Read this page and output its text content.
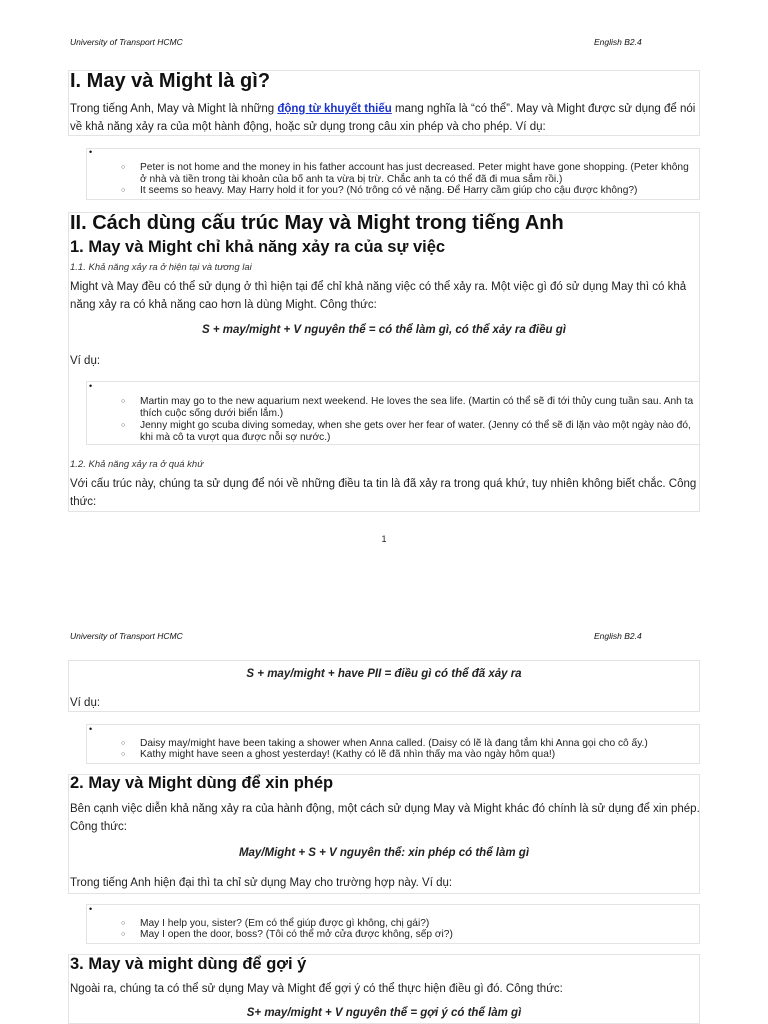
University of Transport HCMC	English B2.4
I. May và Might là gì?
Trong tiếng Anh, May và Might là những động từ khuyết thiếu mang nghĩa là “có thể”. May và Might được sử dụng để nói về khả năng xảy ra của một hành động, hoặc sử dụng trong câu xin phép và cho phép. Ví dụ:
•
○ Peter is not home and the money in his father account has just decreased. Peter might have gone shopping. (Peter không ở nhà và tiền trong tài khoản của bố anh ta vừa bị trừ. Chắc anh ta có thể đã đi mua sắm rồi.)
○ It seems so heavy. May Harry hold it for you? (Nó trông có vẻ nặng. Để Harry cầm giúp cho cậu được không?)
II. Cách dùng cấu trúc May và Might trong tiếng Anh
1. May và Might chỉ khả năng xảy ra của sự việc
1.1. Khả năng xảy ra ở hiện tại và tương lai
Might và May đều có thể sử dụng ở thì hiện tại để chỉ khả năng việc có thể xảy ra. Một việc gì đó sử dụng May thì có khả năng xảy ra có khả năng cao hơn là dùng Might. Công thức:
S + may/might + V nguyên thể = có thể làm gì, có thể xảy ra điều gì
Ví dụ:
•
○ Martin may go to the new aquarium next weekend. He loves the sea life. (Martin có thể sẽ đi tới thủy cung tuần sau. Anh ta thích cuộc sống dưới biển lắm.)
○ Jenny might go scuba diving someday, when she gets over her fear of water. (Jenny có thể sẽ đi lặn vào một ngày nào đó, khi mà cô ta vượt qua được nỗi sợ nước.)
1.2. Khả năng xảy ra ở quá khứ
Với cấu trúc này, chúng ta sử dụng để nói về những điều ta tin là đã xảy ra trong quá khứ, tuy nhiên không biết chắc. Công thức:
1
University of Transport HCMC	English B2.4
S + may/might + have PII = điều gì có thể đã xảy ra
Ví dụ:
•
○ Daisy may/might have been taking a shower when Anna called. (Daisy có lẽ là đang tắm khi Anna gọi cho cô ấy.)
○ Kathy might have seen a ghost yesterday! (Kathy có lẽ đã nhìn thấy ma vào ngày hôm qua!)
2. May và Might dùng để xin phép
Bên cạnh việc diễn khả năng xảy ra của hành động, một cách sử dụng May và Might khác đó chính là sử dụng để xin phép. Công thức:
May/Might + S + V nguyên thể: xin phép có thể làm gì
Trong tiếng Anh hiện đại thì ta chỉ sử dụng May cho trường hợp này. Ví dụ:
•
○ May I help you, sister? (Em có thể giúp được gì không, chị gái?)
○ May I open the door, boss? (Tôi có thể mở cửa được không, sếp ơi?)
3. May và might dùng để gợi ý
Ngoài ra, chúng ta có thể sử dụng May và Might để gợi ý có thể thực hiện điều gì đó. Công thức:
S+ may/might + V nguyên thể = gợi ý có thể làm gì
